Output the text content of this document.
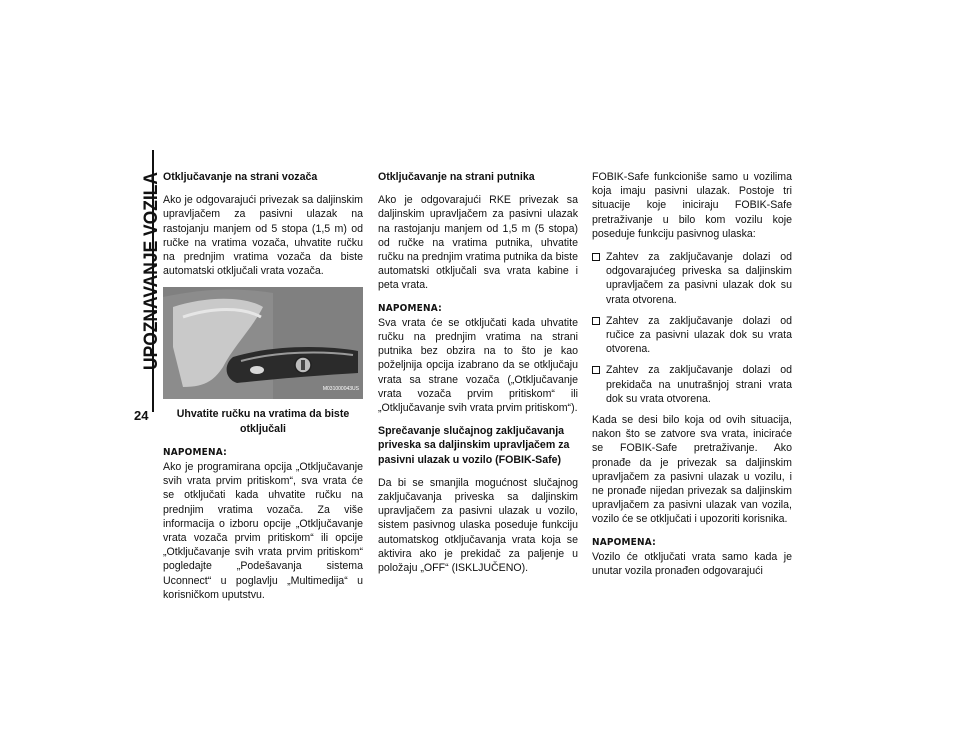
24
Otključavanje na strani vozača

Ako je odgovarajući privezak sa daljinskim upravljačem za pasivni ulazak na rastojanju manjem od 5 stopa (1,5 m) od ručke na vratima vozača, uhvatite ručku na prednjim vratima vozača da biste automatski otključali vrata vozača.

M031000043US

Uhvatite ručku na vratima da biste otključali

NAPOMENA:
Ako je programirana opcija „Otključavanje svih vrata prvim pritiskom“, sva vrata će se otključati kada uhvatite ručku na prednjim vratima vozača. Za više informacija o izboru opcije „Otključavanje vrata vozača prvim pritiskom“ ili opcije „Otključavanje svih vrata prvim pritiskom“ pogledajte „Podešavanja sistema Uconnect“ u poglavlju „Multimedija“ u korisničkom uputstvu.

Otključavanje na strani putnika

Ako je odgovarajući RKE privezak sa daljinskim upravljačem za pasivni ulazak na rastojanju manjem od 1,5 m (5 stopa) od ručke na vratima putnika, uhvatite ručku na prednjim vratima putnika da biste automatski otključali sva vrata kabine i peta vrata.

NAPOMENA:
Sva vrata će se otključati kada uhvatite ručku na prednjim vratima na strani putnika bez obzira na to što je kao poželjnija opcija izabrano da se otključaju vrata sa strane vozača („Otključavanje vrata vozača prvim pritiskom“ ili „Otključavanje svih vrata prvim pritiskom“).

Sprečavanje slučajnog zaključavanja priveska sa daljinskim upravljačem za pasivni ulazak u vozilo (FOBIK-Safe)

Da bi se smanjila mogućnost slučajnog zaključavanja priveska sa daljinskim upravljačem za pasivni ulazak u vozilo, sistem pasivnog ulaska poseduje funkciju automatskog otključavanja vrata koja se aktivira ako je prekidač za paljenje u položaju „OFF“ (ISKLJUČENO).

FOBIK-Safe funkcioniše samo u vozilima koja imaju pasivni ulazak. Postoje tri situacije koje iniciraju FOBIK-Safe pretraživanje u bilo kom vozilu koje poseduje funkciju pasivnog ulaska:

Zahtev za zaključavanje dolazi od odgovarajućeg priveska sa daljinskim upravljačem za pasivni ulazak dok su vrata otvorena.
Zahtev za zaključavanje dolazi od ručice za pasivni ulazak dok su vrata otvorena.
Zahtev za zaključavanje dolazi od prekidača na unutrašnjoj strani vrata dok su vrata otvorena.

Kada se desi bilo koja od ovih situacija, nakon što se zatvore sva vrata, iniciraće se FOBIK-Safe pretraživanje. Ako pronađe da je privezak sa daljinskim upravljačem za pasivni ulazak u vozilu, i ne pronađe nijedan privezak sa daljinskim upravljačem za pasivni ulazak van vozila, vozilo će se otključati i upozoriti korisnika.

NAPOMENA:
Vozilo će otključati vrata samo kada je unutar vozila pronađen odgovarajući
